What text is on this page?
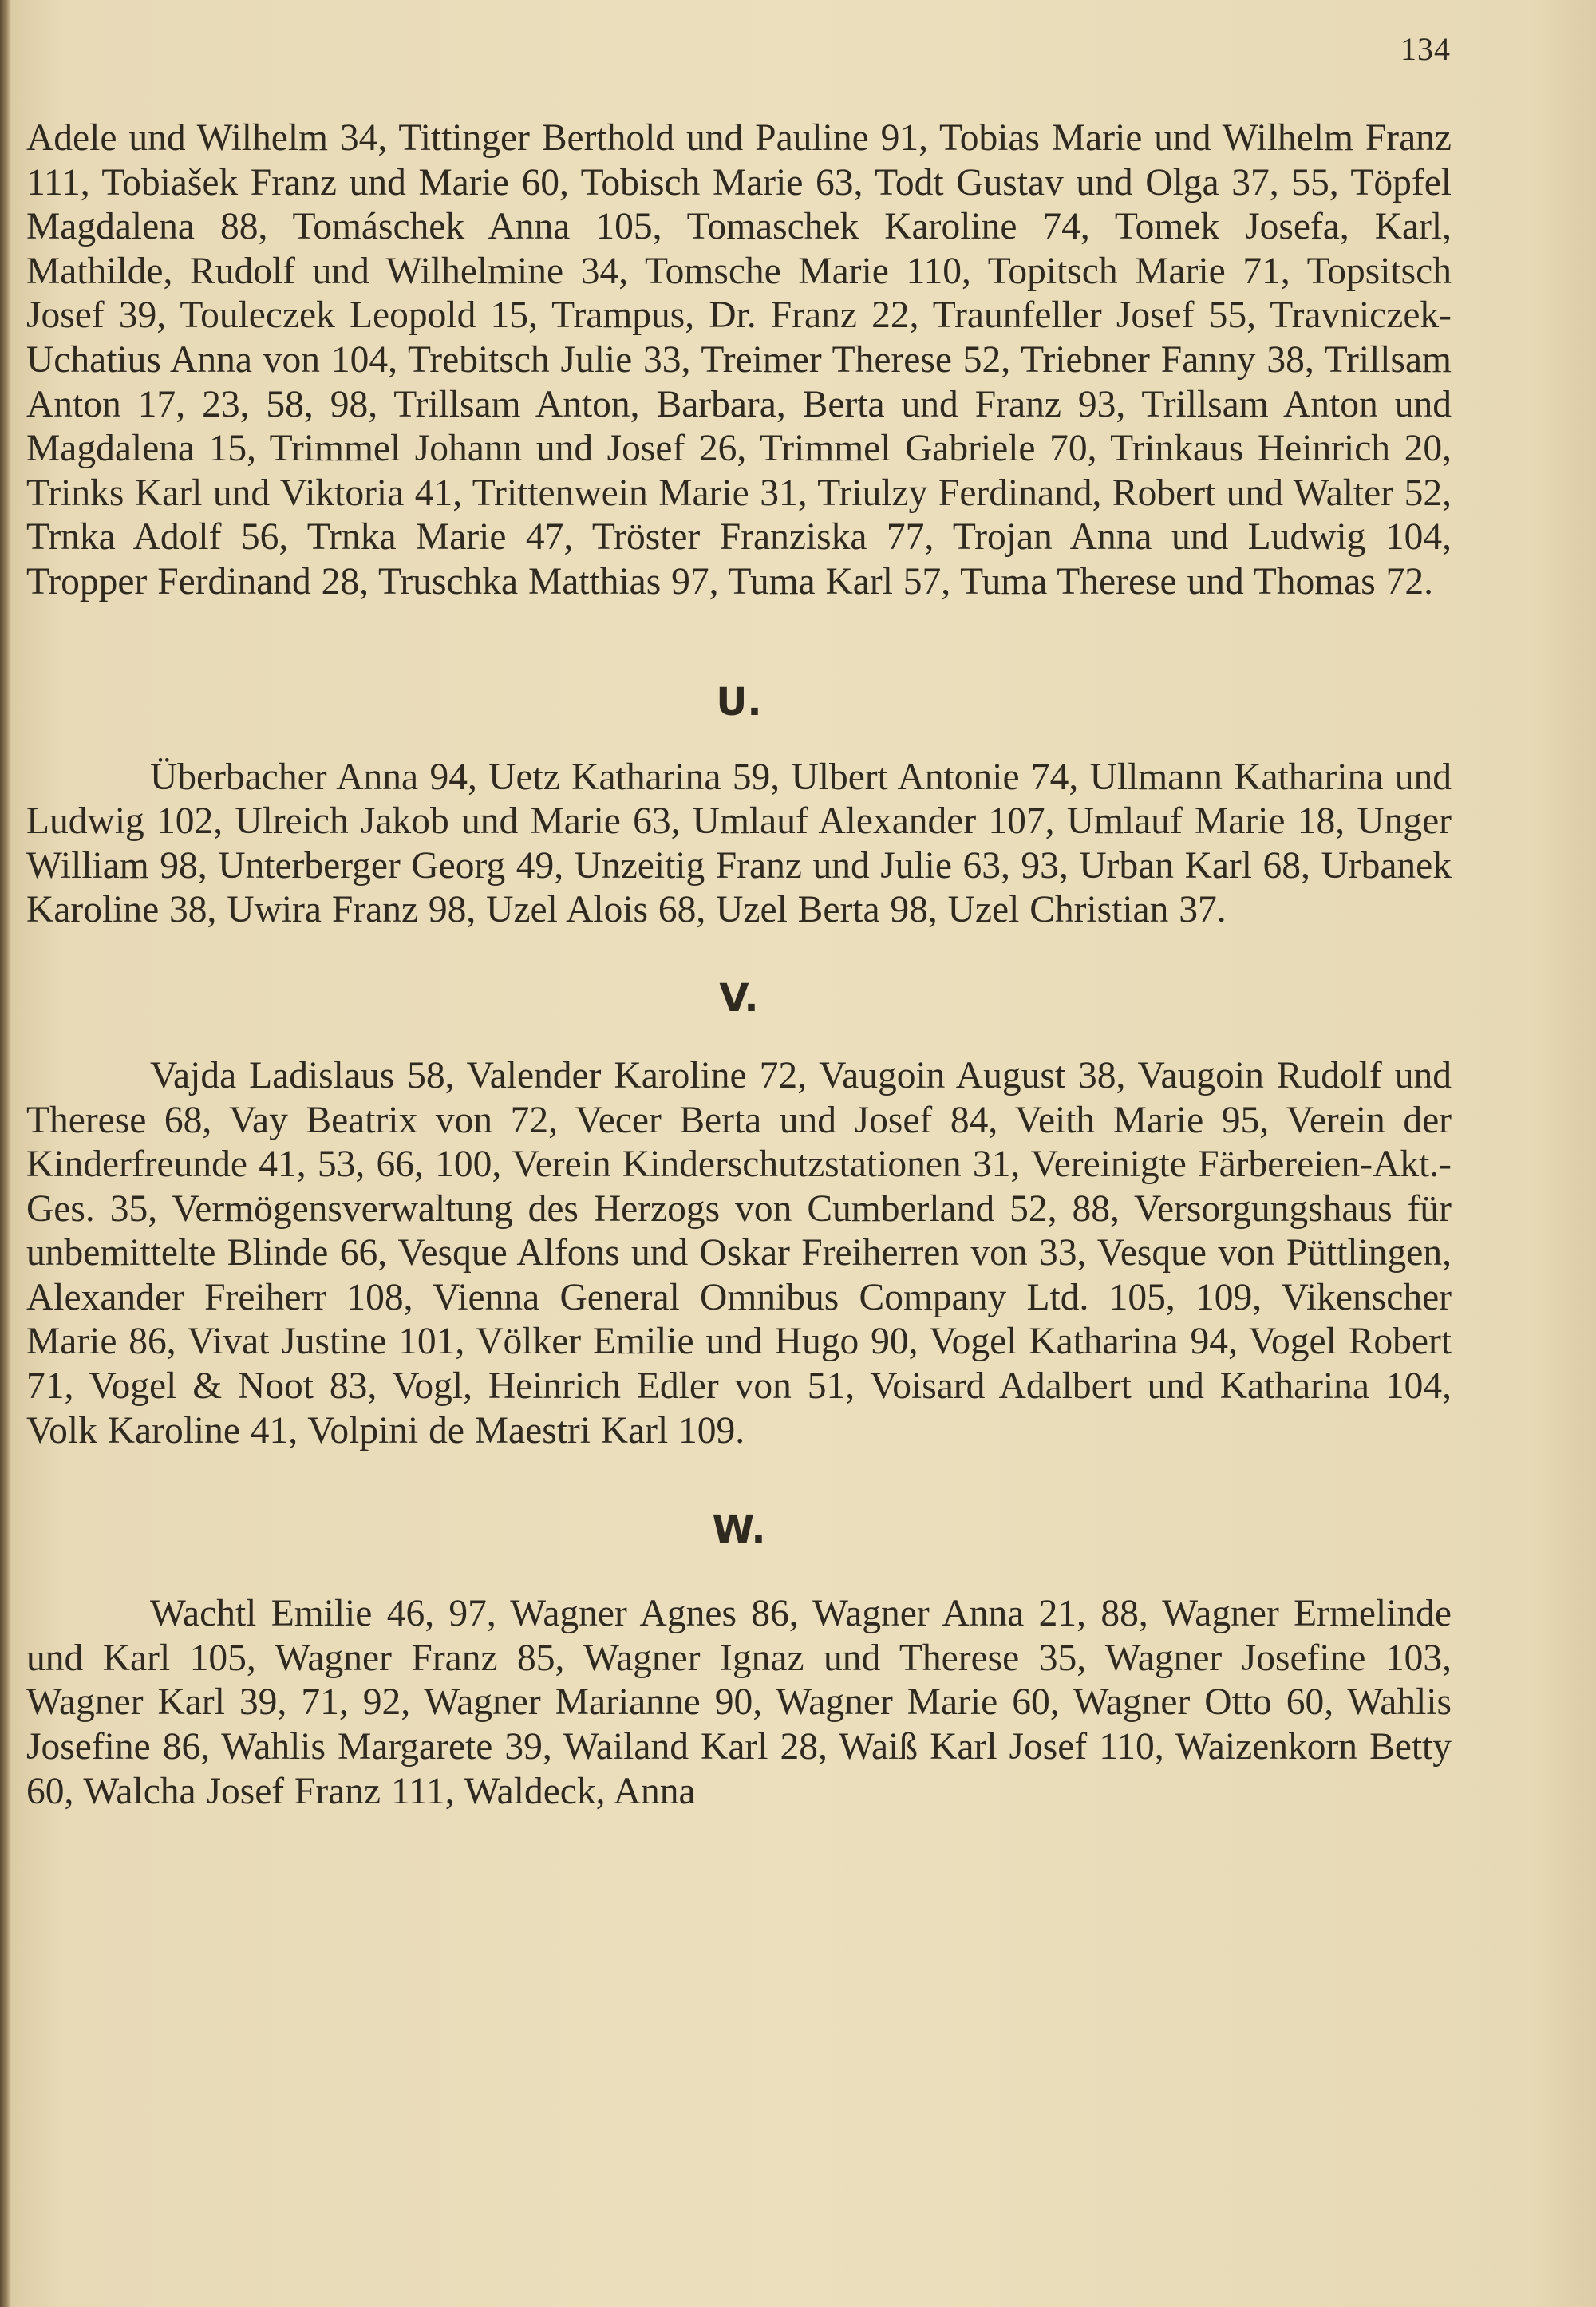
134

Adele und Wilhelm 34, Tittinger Berthold und Pauline 91, Tobias Marie und Wilhelm Franz 111, Tobiašek Franz und Marie 60, Tobisch Marie 63, Todt Gustav und Olga 37, 55, Töpfel Magdalena 88, Tomáschek Anna 105, Tomaschek Karoline 74, Tomek Josefa, Karl, Mathilde, Rudolf und Wilhelmine 34, Tomsche Marie 110, Topitsch Marie 71, Topsitsch Josef 39, Touleczek Leopold 15, Trampus, Dr. Franz 22, Traunfeller Josef 55, Travniczek-Uchatius Anna von 104, Trebitsch Julie 33, Treimer Therese 52, Triebner Fanny 38, Trillsam Anton 17, 23, 58, 98, Trillsam Anton, Barbara, Berta und Franz 93, Trillsam Anton und Magdalena 15, Trimmel Johann und Josef 26, Trimmel Gabriele 70, Trinkaus Heinrich 20, Trinks Karl und Viktoria 41, Trittenwein Marie 31, Triulzy Ferdinand, Robert und Walter 52, Trnka Adolf 56, Trnka Marie 47, Tröster Franziska 77, Trojan Anna und Ludwig 104, Tropper Ferdinand 28, Truschka Matthias 97, Tuma Karl 57, Tuma Therese und Thomas 72.

U.

Überbacher Anna 94, Uetz Katharina 59, Ulbert Antonie 74, Ullmann Katharina und Ludwig 102, Ulreich Jakob und Marie 63, Umlauf Alexander 107, Umlauf Marie 18, Unger William 98, Unterberger Georg 49, Unzeitig Franz und Julie 63, 93, Urban Karl 68, Urbanek Karoline 38, Uwira Franz 98, Uzel Alois 68, Uzel Berta 98, Uzel Christian 37.

V.

Vajda Ladislaus 58, Valender Karoline 72, Vaugoin August 38, Vaugoin Rudolf und Therese 68, Vay Beatrix von 72, Vecer Berta und Josef 84, Veith Marie 95, Verein der Kinderfreunde 41, 53, 66, 100, Verein Kinderschutzstationen 31, Vereinigte Färbereien-Akt.-Ges. 35, Vermögensverwaltung des Herzogs von Cumberland 52, 88, Versorgungshaus für unbemittelte Blinde 66, Vesque Alfons und Oskar Freiherren von 33, Vesque von Püttlingen, Alexander Freiherr 108, Vienna General Omnibus Company Ltd. 105, 109, Vikenscher Marie 86, Vivat Justine 101, Völker Emilie und Hugo 90, Vogel Katharina 94, Vogel Robert 71, Vogel & Noot 83, Vogl, Heinrich Edler von 51, Voisard Adalbert und Katharina 104, Volk Karoline 41, Volpini de Maestri Karl 109.

W.

Wachtl Emilie 46, 97, Wagner Agnes 86, Wagner Anna 21, 88, Wagner Ermelinde und Karl 105, Wagner Franz 85, Wagner Ignaz und Therese 35, Wagner Josefine 103, Wagner Karl 39, 71, 92, Wagner Marianne 90, Wagner Marie 60, Wagner Otto 60, Wahlis Josefine 86, Wahlis Margarete 39, Wailand Karl 28, Waiß Karl Josef 110, Waizenkorn Betty 60, Walcha Josef Franz 111, Waldeck, Anna
